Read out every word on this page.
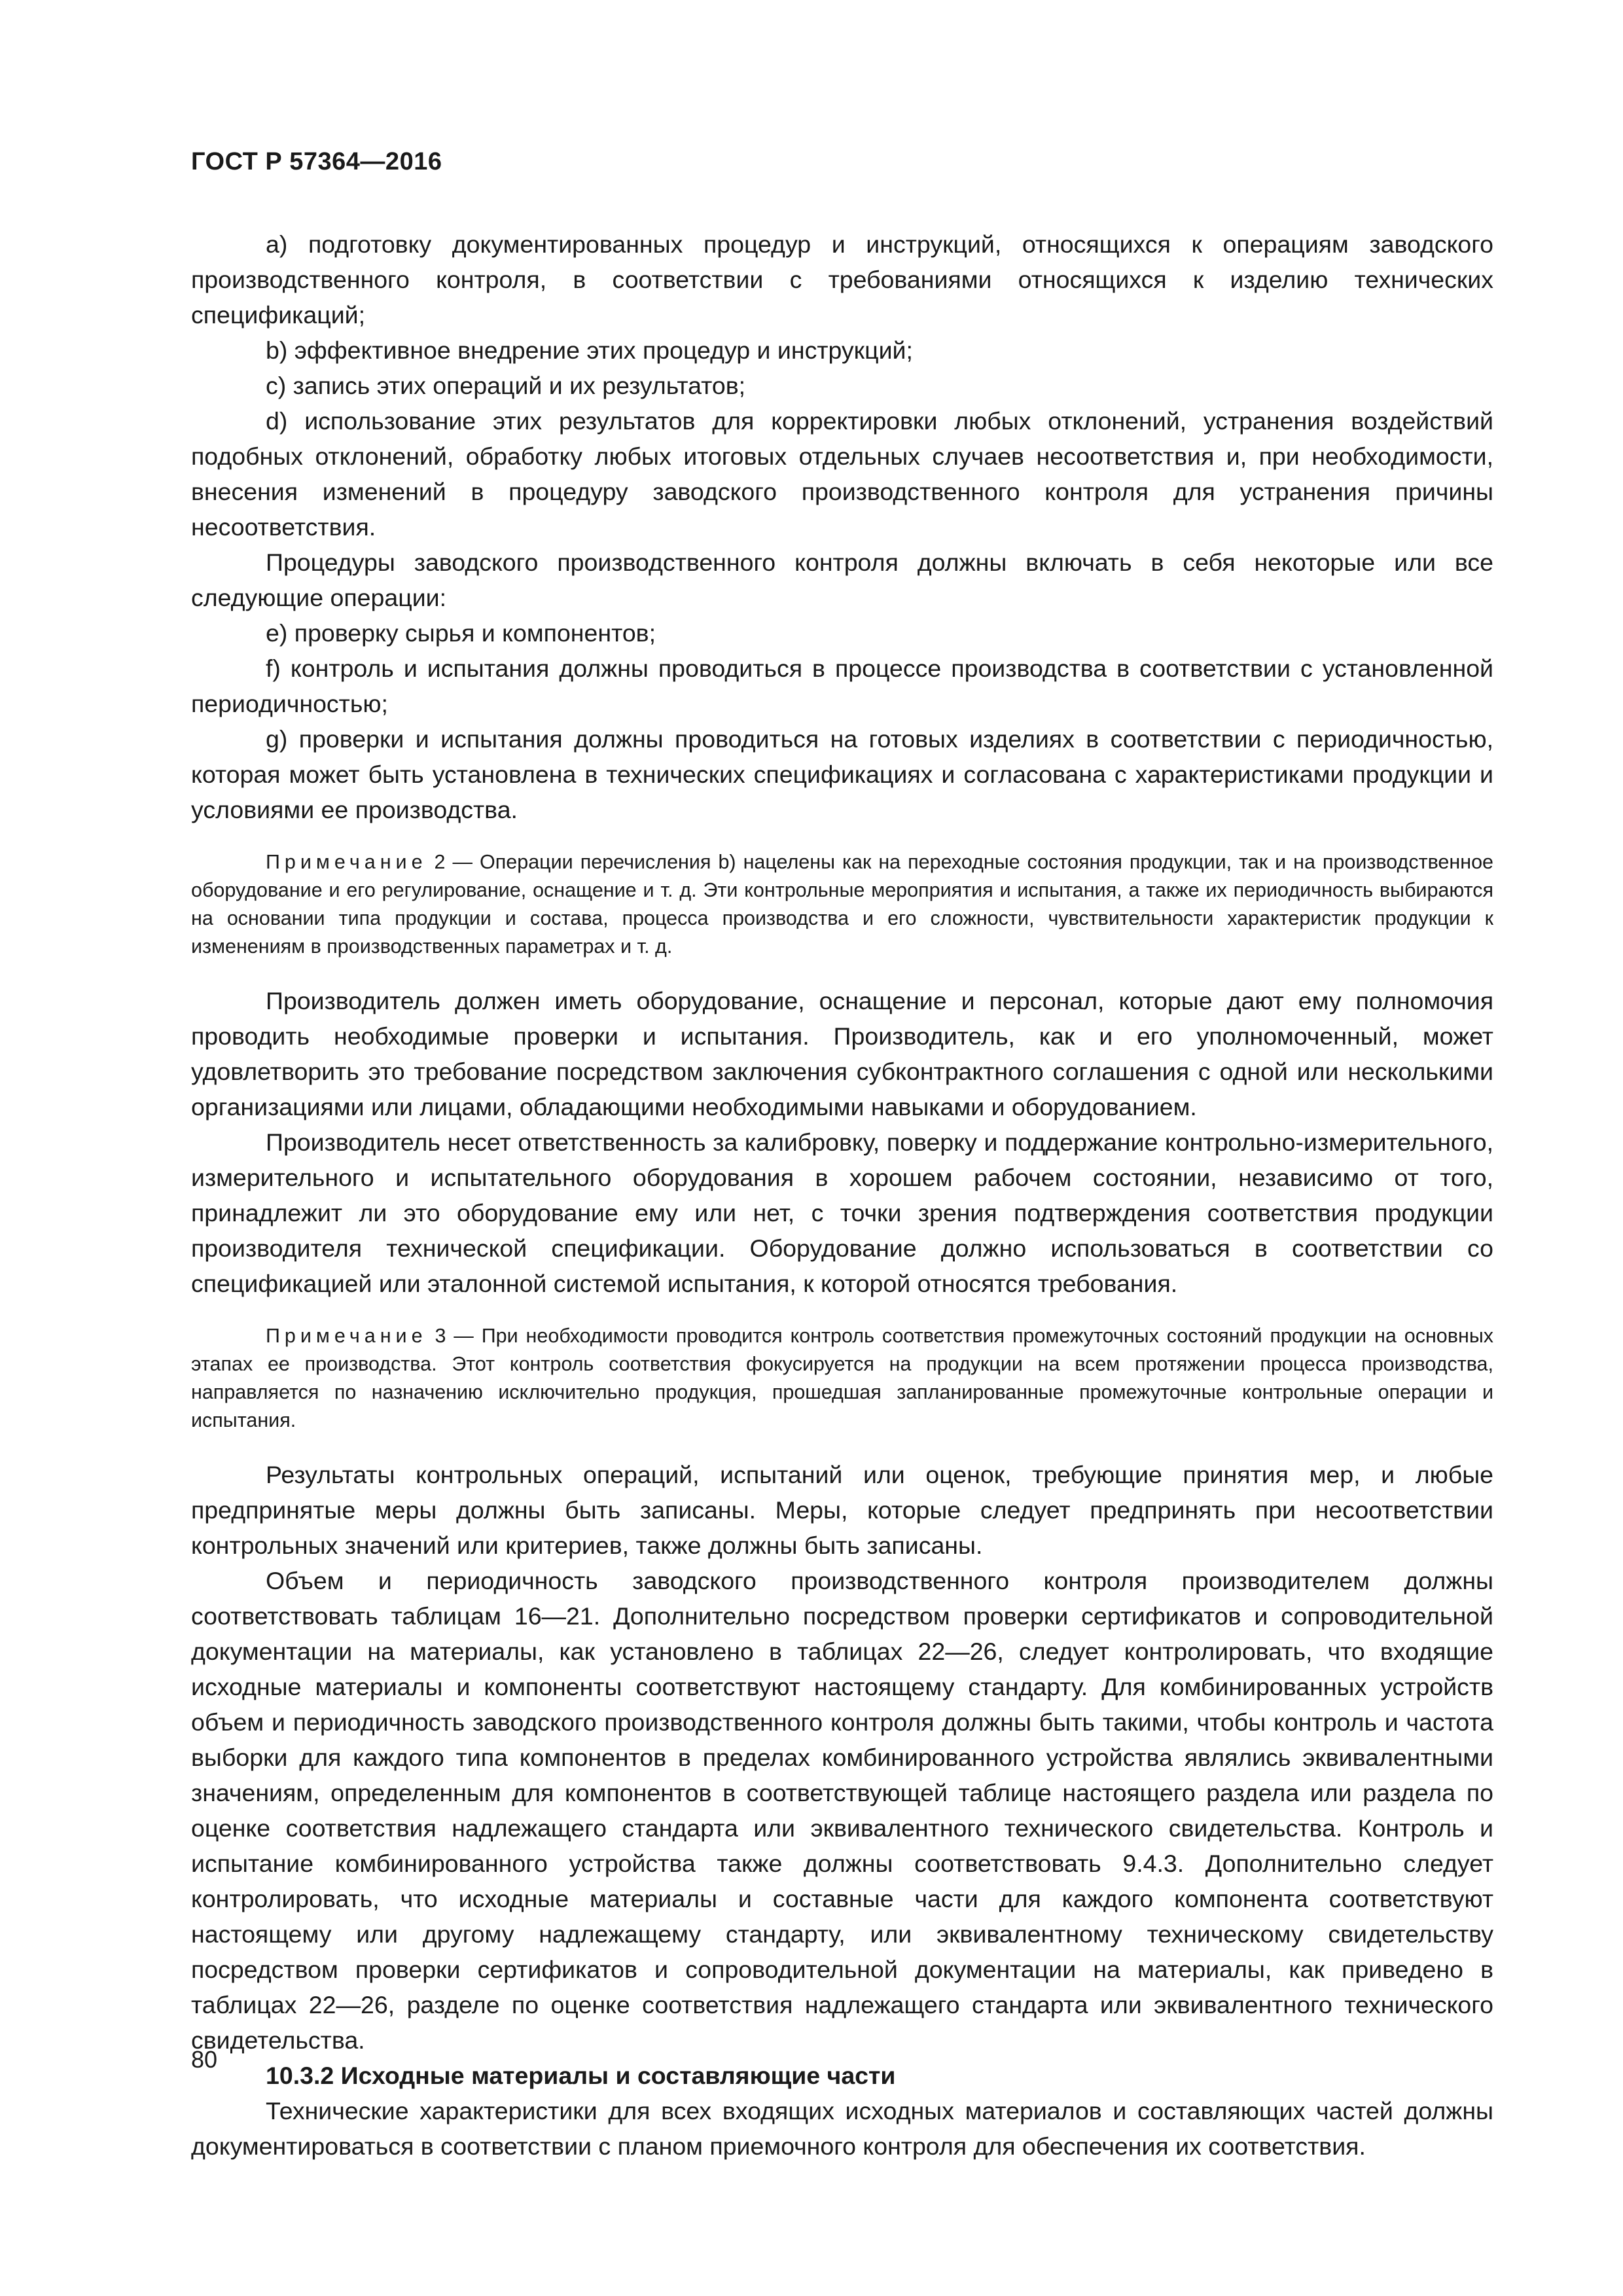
ГОСТ Р 57364—2016

а) подготовку документированных процедур и инструкций, относящихся к операциям заводского производственного контроля, в соответствии с требованиями относящихся к изделию технических спецификаций;

b) эффективное внедрение этих процедур и инструкций;

с) запись этих операций и их результатов;

d) использование этих результатов для корректировки любых отклонений, устранения воздействий подобных отклонений, обработку любых итоговых отдельных случаев несоответствия и, при необходимости, внесения изменений в процедуру заводского производственного контроля для устранения причины несоответствия.

Процедуры заводского производственного контроля должны включать в себя некоторые или все следующие операции:

е) проверку сырья и компонентов;

f) контроль и испытания должны проводиться в процессе производства в соответствии с установленной периодичностью;

g) проверки и испытания должны проводиться на готовых изделиях в соответствии с периодичностью, которая может быть установлена в технических спецификациях и согласована с характеристиками продукции и условиями ее производства.

Примечание 2 — Операции перечисления b) нацелены как на переходные состояния продукции, так и на производственное оборудование и его регулирование, оснащение и т. д. Эти контрольные мероприятия и испытания, а также их периодичность выбираются на основании типа продукции и состава, процесса производства и его сложности, чувствительности характеристик продукции к изменениям в производственных параметрах и т. д.

Производитель должен иметь оборудование, оснащение и персонал, которые дают ему полномочия проводить необходимые проверки и испытания. Производитель, как и его уполномоченный, может удовлетворить это требование посредством заключения субконтрактного соглашения с одной или несколькими организациями или лицами, обладающими необходимыми навыками и оборудованием.

Производитель несет ответственность за калибровку, поверку и поддержание контрольно-измерительного, измерительного и испытательного оборудования в хорошем рабочем состоянии, независимо от того, принадлежит ли это оборудование ему или нет, с точки зрения подтверждения соответствия продукции производителя технической спецификации. Оборудование должно использоваться в соответствии со спецификацией или эталонной системой испытания, к которой относятся требования.

Примечание 3 — При необходимости проводится контроль соответствия промежуточных состояний продукции на основных этапах ее производства. Этот контроль соответствия фокусируется на продукции на всем протяжении процесса производства, направляется по назначению исключительно продукция, прошедшая запланированные промежуточные контрольные операции и испытания.

Результаты контрольных операций, испытаний или оценок, требующие принятия мер, и любые предпринятые меры должны быть записаны. Меры, которые следует предпринять при несоответствии контрольных значений или критериев, также должны быть записаны.

Объем и периодичность заводского производственного контроля производителем должны соответствовать таблицам 16—21. Дополнительно посредством проверки сертификатов и сопроводительной документации на материалы, как установлено в таблицах 22—26, следует контролировать, что входящие исходные материалы и компоненты соответствуют настоящему стандарту. Для комбинированных устройств объем и периодичность заводского производственного контроля должны быть такими, чтобы контроль и частота выборки для каждого типа компонентов в пределах комбинированного устройства являлись эквивалентными значениям, определенным для компонентов в соответствующей таблице настоящего раздела или раздела по оценке соответствия надлежащего стандарта или эквивалентного технического свидетельства. Контроль и испытание комбинированного устройства также должны соответствовать 9.4.3. Дополнительно следует контролировать, что исходные материалы и составные части для каждого компонента соответствуют настоящему или другому надлежащему стандарту, или эквивалентному техническому свидетельству посредством проверки сертификатов и сопроводительной документации на материалы, как приведено в таблицах 22—26, разделе по оценке соответствия надлежащего стандарта или эквивалентного технического свидетельства.

10.3.2 Исходные материалы и составляющие части

Технические характеристики для всех входящих исходных материалов и составляющих частей должны документироваться в соответствии с планом приемочного контроля для обеспечения их соответствия.

80
